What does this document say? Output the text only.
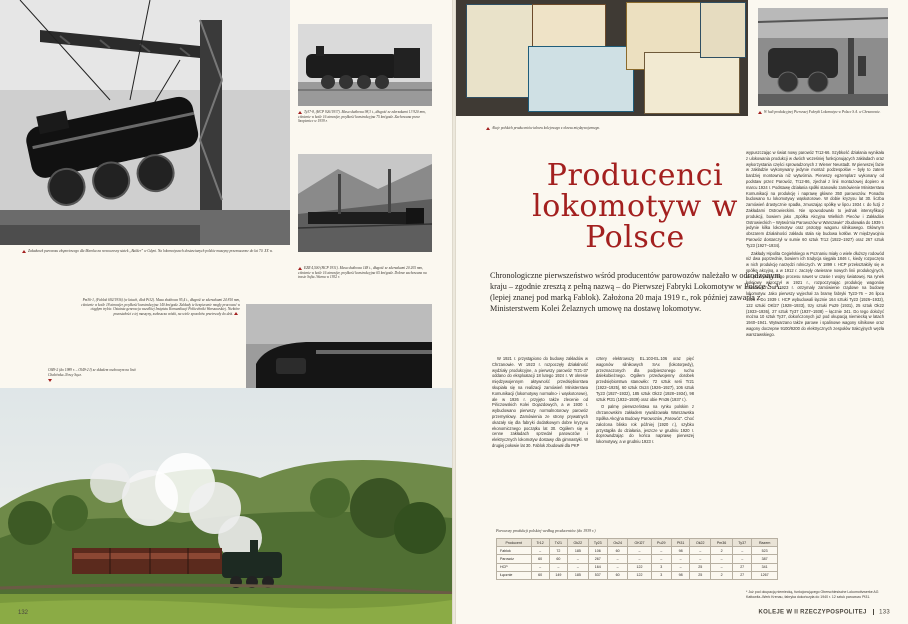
Załadunek parowozu eksportowego dla Maroka na nowoczesny statek „Balder” w Gdyni. Na lokomotywach dostawianych polskie maszyny przeznaczone do lat 70. XX w.
Ty37-8, (HCP 926/1937). Masa służbowa 98,3 t., długość ze zderzakami 13 920 mm, ciśnienie w kotle 16 atmosfer, prędkość konstrukcyjna 75 km/godz. Zachowana przez Szopienice w 1939 r.
EZR 4,500 (HCP 1931). Masa służbowa 148 t., długość ze zderzakami 20 205 mm, ciśnienie w kotle 16 atmosfer, prędkość konstrukcyjna 65 km/godz. Dobrze zachowana na trasie Sofia–Warna w 1932 r.
Pm36-1, (Fablok 692/1936) (w latach, dlok Pt32). Masa służbowa 95,4 t., długość ze zderzakami 24 810 mm, ciśnienie w kotle 18 atmosfer, prędkość konstrukcyjna 140 km/godz. Zakłady te bezpiecznie mogły pracować w ciągłym trybie. Ostatnia generacja wszelkiej Instytutu Komunikacji Politechniki Warszawskiej. Niektóre pozostałości z tej maszyny, zwłaszcza wózki, na wiele sposobów przetrwały do dziś.
Ol49-2 (do 1989 r. – Ol49-2 I) ze składem osobowym na linii Chabówka–Nowy Sącz.

132
Akcje polskich producentów taboru kolejowego z okresu międzywojennego.
W hali produkcyjnej Pierwszej Fabryki Lokomotyw w Polsce S.A. w Chrzanowie.
Producenci lokomotyw w Polsce
Chronologiczne pierwszeństwo wśród producentów parowozów należało w odrodzonym kraju – zgodnie zresztą z pełną nazwą – do Pierwszej Fabryki Lokomotyw w Polsce S.A. (lepiej znanej pod marką Fablok). Założona 20 maja 1919 r., rok później zawarła z Ministerstwem Kolei Żelaznych umowę na dostawę lokomotyw.

W 1921 r. przystąpiono do budowy zakładów w Chrzanowie. W 1923 r. rozpoczęły działalność wydziały produkcyjne, a pierwszy parowóz Tr21-37 oddano do eksploatacji 18 lutego 1924 r. W okresie międzywojennym aktywność przedsiębiorstwa skupiała się na realizacji zamówień Ministerstwa Komunikacji (lokomotywy normalno- i wąskotorowe), ale w 1926 r. przyjęto także zlecenie od Pińczowskich Kolei Dojazdowych, a w 1930 r. wybudowano pierwszy normalnotorowy parowóz przemysłowy. Zamówienia ze strony prywatnych okazały się dla fabryki dodatkowym dobre kryzysu ekonomicznego początku lat 30. Ogółem się w cenne zakładach sprzedał parowozów i elektrycznych lokomotyw dostawy dla gimnastyki. W drugiej połowie lat 30. Fablok zbudował dla PKP

cztery elektrowozy EL.103-EL.106 oraz pięć wagonów silnikowych SAx (lokotorpedy), przeznaczonych dla podpieszonego ruchu dalekobieżnego. Ogółem przedwojenny dorobek przedsiębiorstwa stanowiło: 72 sztuk serii Tr21 (1922–1925), 60 sztuk Os24 (1926–1927), 106 sztuk Ty23 (1927–1932), 185 sztuk Ok22 (1928–1934), 98 sztuk Pt31 (1932–1939) oraz obie Pm36 (1937 r.).

O palmę pierwszeństwa na rynku polskim z chrzanowskim zakładem rywalizowała Warszawska Spółka Akcyjna Budowy Parowozów „Parowóz”. Choć założona blisko rok później (1920 r.), szybko przystąpiła do działania, jeszcze w grudniu 1920 r. doprowadzając do końca naprawę pierwszej lokomotywy, a w grudniu 1923 r.

wypuszczając w świat nowy parowóz Tr12-66. Szybkość działania wynikała z ulokowania produkcji w dwóch wcześniej funkcjonujących zakładach oraz wykorzystania części sprowadzonych z Wiener Neustadt. W pierwszej fazie w zakładzie wykonywany jedynie montaż podzespołów – były to zatem bardziej montownia niż wytwórnia. Pierwszy egzemplarz wykonany od podstaw przez Parowóz, Tr12-86, zjechał z linii montażowej dopiero w marcu 1924 r. Podstawę działania spółki stanowiło zamówienie Ministerstwa Komunikacji na produkcję i naprawę główne 350 parowozów. Ponadto budowano tu lokomotywy wąskotorowe. W dobie kryzysu lat 30. liczba zamówień drastycznie spadła, zmuszając spółkę w lipcu 1934 r. do fuzji z Zakładami Ostrowieckimi. Nie spowodowało to jednak intensyfikacji produkcji, bowiem jako „Spółka Akcyjna Wielkich Pieców i Zakładów Ostrowieckich – Wytwórnia Parowozów w Warszawie” zbudowała do 1939 r. jedynie kilka lokomotyw oraz prototyp wagonu silnikowego. Głównym obszarem działalności zakładu stała się budowa kotłów. W międzywojniu Parowóz dostarczył w sumie 60 sztuk Tr12 (1922–1927) oraz 267 sztuk Ty23 (1927–1934).

Zakłady Hipolita Cegielskiego w Poznaniu miały o wiele dłuższy rodowód niż dwa poprzednie, bowiem ich tradycja sięgała 1846 r., kiedy rozpoczęto w nich produkcję narzędzi rolniczych. W 1899 r. HCP przekształciły się w spółkę akcyjną, a w 1912 r. zaczęły otwierane nowych linii produkcyjnych, nie przerywając tego procesu nawet w czasie I wojny światowej. Na rynek kolejowy wkroczył w 1921 r., rozpoczynając produkcję wagonów towarowych. W 1923 r. otrzymały zamówienie rządowe na budowę lokomotyw. Jako pierwszy wyjechał za bramę fabryki Ty23-76 – 26 lipca 1926 r. Do 1939 r. HCP wybudowali łącznie 164 sztuki Ty23 (1926–1932), 122 sztuki OKl27 (1928–1933), trzy sztuki Pu29 (1931), 25 sztuk Ok22 (1933–1936), 27 sztuk Ty37 (1937–1938) – łącznie 341. Do tego dołożyć można 10 sztuk Ty37, dokończonych już pod okupacją niemiecką w latach 1940–1941. Wytwarzano także parowe i spalinowe wagony silnikowe oraz wagony doczepne 9100/9200 do elektrycznych zespołów trakcyjnych węzła warszawskiego.

* Już pod okupacją niemiecką, funkcjonującego Oberschlesische Lokomotivwerke AG Kattowitz–Werk Krenau, fabryka dokończyła do 1940 r. 12 sztuk parowozu Pt31.
Parowozy produkcji polskiej według producentów (do 1939 r.)
Producent	Tr12	Tr21	Ok22	Ty23	Os24	OKl27	Pu29	Pt31	Ok22	Pm36	Ty37	Razem
Fablok	–	72	185	106	60	–	–	98	–	2	–	523
Parowóz	60	60	–	267	–	–	–	–	–	–	–	387
HCP	–	–	–	164	–	122	3	–	25	–	27	341
Łącznie	60	149	185	537	60	122	3	98	25	2	27	1267
KOLEJE W II RZECZYPOSPOLITEJ 133
